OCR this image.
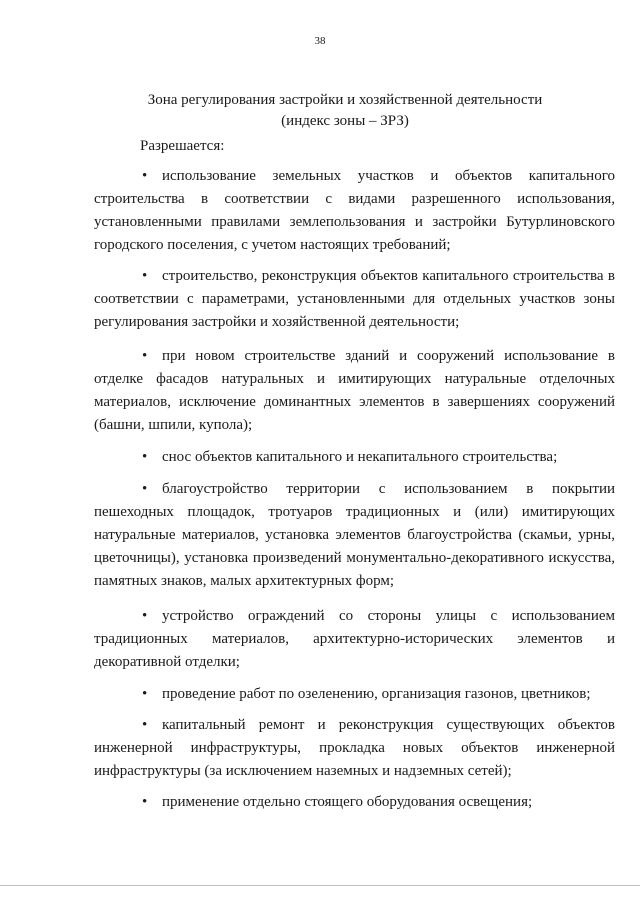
38
Зона регулирования застройки и хозяйственной деятельности
(индекс зоны – ЗРЗ)
Разрешается:
• использование земельных участков и объектов капитального строительства в соответствии с видами разрешенного использования, установленными правилами землепользования и застройки Бутурлиновского городского поселения, с учетом настоящих требований;
• строительство, реконструкция объектов капитального строительства в соответствии с параметрами, установленными для отдельных участков зоны регулирования застройки и хозяйственной деятельности;
• при новом строительстве зданий и сооружений использование в отделке фасадов натуральных и имитирующих натуральные отделочных материалов, исключение доминантных элементов в завершениях сооружений (башни, шпили, купола);
• снос объектов капитального и некапитального строительства;
• благоустройство территории с использованием в покрытии пешеходных площадок, тротуаров традиционных и (или) имитирующих натуральные материалов, установка элементов благоустройства (скамьи, урны, цветочницы), установка произведений монументально-декоративного искусства, памятных знаков, малых архитектурных форм;
• устройство ограждений со стороны улицы с использованием традиционных материалов, архитектурно-исторических элементов и декоративной отделки;
• проведение работ по озеленению, организация газонов, цветников;
• капитальный ремонт и реконструкция существующих объектов инженерной инфраструктуры, прокладка новых объектов инженерной инфраструктуры (за исключением наземных и надземных сетей);
• применение отдельно стоящего оборудования освещения;
